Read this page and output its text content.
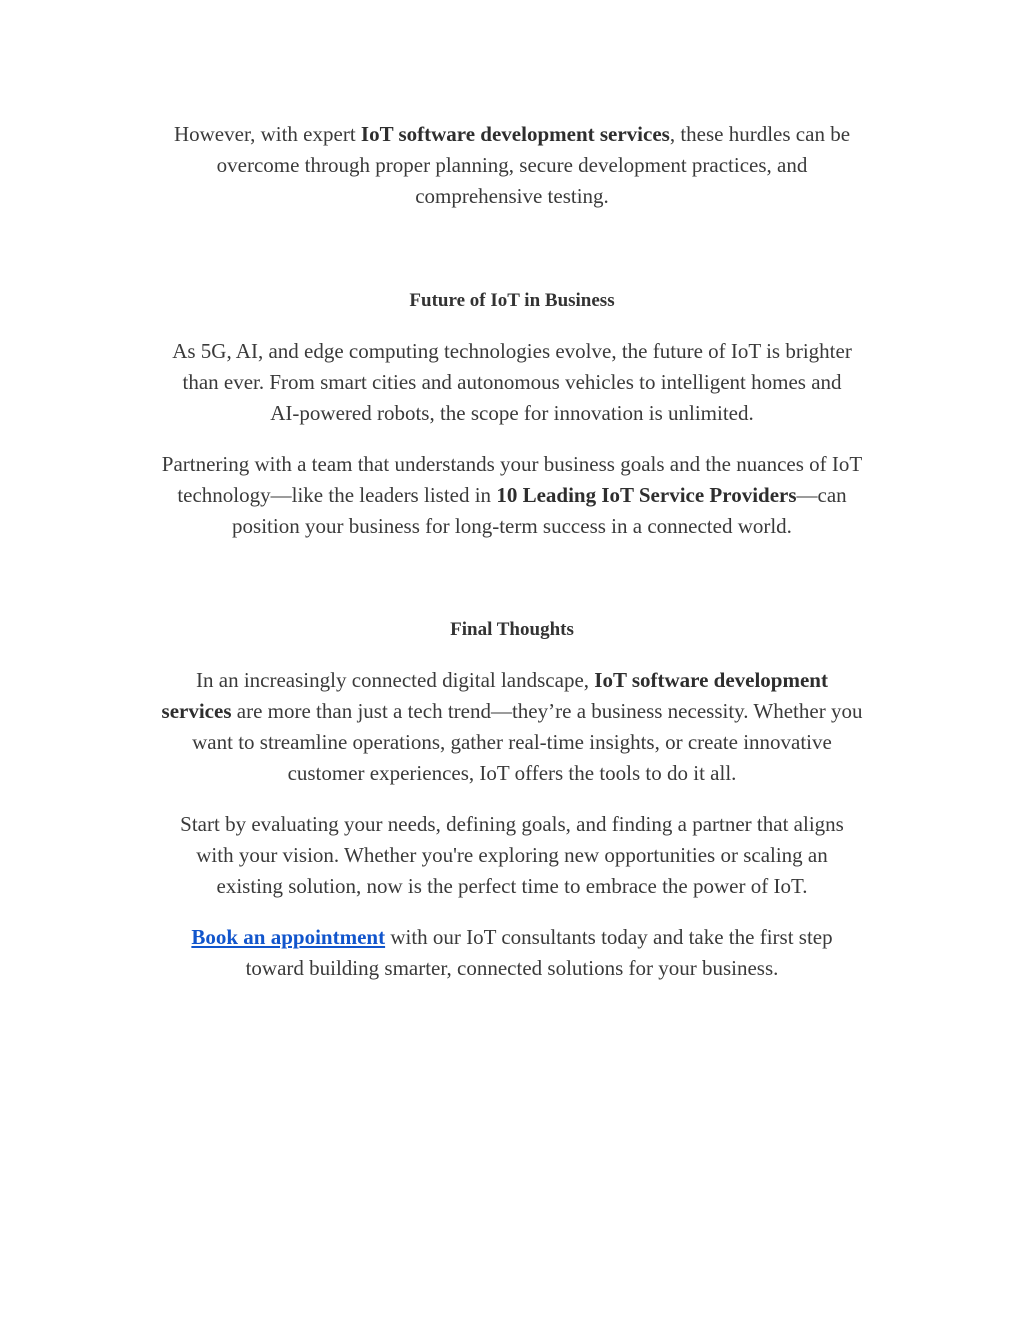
However, with expert IoT software development services, these hurdles can be
overcome through proper planning, secure development practices, and
comprehensive testing.

Future of IoT in Business

As 5G, AI, and edge computing technologies evolve, the future of IoT is brighter
than ever. From smart cities and autonomous vehicles to intelligent homes and
AI-powered robots, the scope for innovation is unlimited.

Partnering with a team that understands your business goals and the nuances of IoT
technology—like the leaders listed in 10 Leading IoT Service Providers—can
position your business for long-term success in a connected world.

Final Thoughts

In an increasingly connected digital landscape, IoT software development
services are more than just a tech trend—they’re a business necessity. Whether you
want to streamline operations, gather real-time insights, or create innovative
customer experiences, IoT offers the tools to do it all.

Start by evaluating your needs, defining goals, and finding a partner that aligns
with your vision. Whether you're exploring new opportunities or scaling an
existing solution, now is the perfect time to embrace the power of IoT.

Book an appointment with our IoT consultants today and take the first step
toward building smarter, connected solutions for your business.
